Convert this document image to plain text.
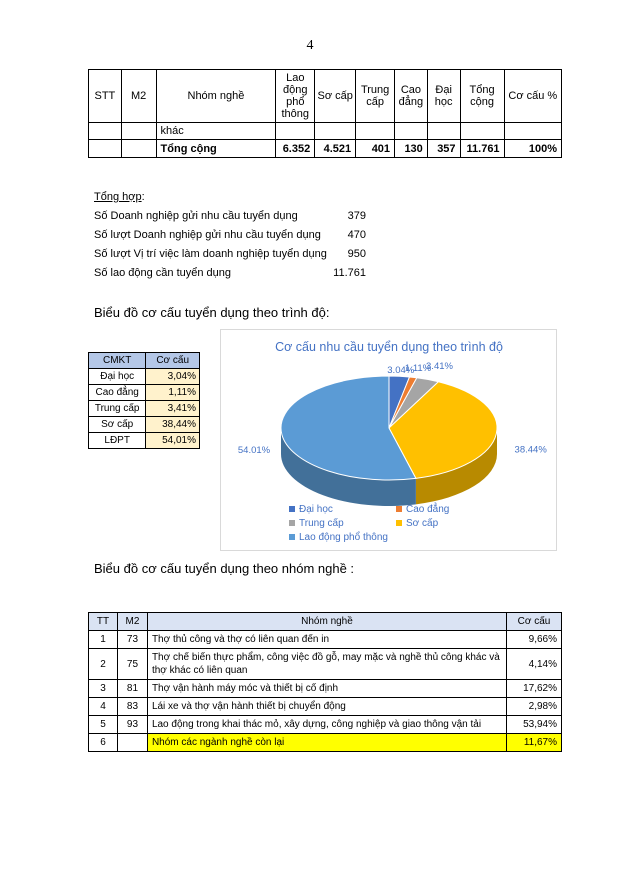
4
STT	M2	Nhóm nghề	Lao động phổ thông	Sơ cấp	Trung cấp	Cao đẳng	Đại học	Tổng cộng	Cơ cấu %
		khác							
		Tổng cộng	6.352	4.521	401	130	357	11.761	100%
Tổng hợp:
Số Doanh nghiệp gửi nhu cầu tuyển dụng	379
Số lượt Doanh nghiệp gửi nhu cầu tuyển dụng 470
Số lượt Vị trí việc làm doanh nghiệp tuyển dụng 950
Số lao động cần tuyển dụng	11.761
Biểu đồ cơ cấu tuyển dụng theo trình độ:
CMKT	Cơ cấu
Đại học	3,04%
Cao đẳng	1,11%
Trung cấp	3,41%
Sơ cấp	38,44%
LĐPT	54,01%
Cơ cấu nhu cầu tuyển dụng theo trình độ
3.04%
1.11%
3.41%
38.44%
54.01%
Đại học	Cao đẳng
Trung cấp	Sơ cấp
Lao động phổ thông
Biểu đồ cơ cấu tuyển dụng theo nhóm nghề :
TT	M2	Nhóm nghề	Cơ cấu
1	73	Thợ thủ công và thợ có liên quan đến in	9,66%
2	75	Thợ chế biến thực phẩm, công việc đồ gỗ, may mặc và nghề thủ công khác và thợ khác có liên quan	4,14%
3	81	Thợ vận hành máy móc và thiết bị cố định	17,62%
4	83	Lái xe và thợ vận hành thiết bị chuyển động	2,98%
5	93	Lao động trong khai thác mỏ, xây dựng, công nghiệp và giao thông vận tải	53,94%
6		Nhóm các ngành nghề còn lại	11,67%
